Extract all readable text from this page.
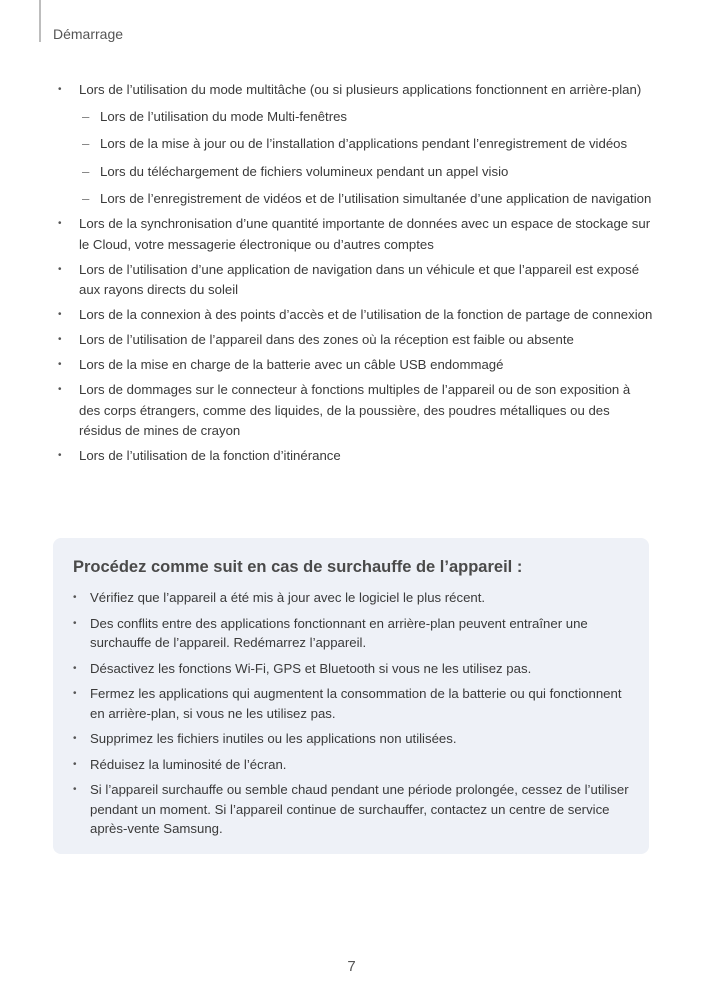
Démarrage
• Lors de l’utilisation du mode multitâche (ou si plusieurs applications fonctionnent en arrière-plan)
– Lors de l’utilisation du mode Multi-fenêtres
– Lors de la mise à jour ou de l’installation d’applications pendant l’enregistrement de vidéos
– Lors du téléchargement de fichiers volumineux pendant un appel visio
– Lors de l’enregistrement de vidéos et de l’utilisation simultanée d’une application de navigation
• Lors de la synchronisation d’une quantité importante de données avec un espace de stockage sur le Cloud, votre messagerie électronique ou d’autres comptes
• Lors de l’utilisation d’une application de navigation dans un véhicule et que l’appareil est exposé aux rayons directs du soleil
• Lors de la connexion à des points d’accès et de l’utilisation de la fonction de partage de connexion
• Lors de l’utilisation de l’appareil dans des zones où la réception est faible ou absente
• Lors de la mise en charge de la batterie avec un câble USB endommagé
• Lors de dommages sur le connecteur à fonctions multiples de l’appareil ou de son exposition à des corps étrangers, comme des liquides, de la poussière, des poudres métalliques ou des résidus de mines de crayon
• Lors de l’utilisation de la fonction d’itinérance
Procédez comme suit en cas de surchauffe de l’appareil :
• Vérifiez que l’appareil a été mis à jour avec le logiciel le plus récent.
• Des conflits entre des applications fonctionnant en arrière-plan peuvent entraîner une surchauffe de l’appareil. Redémarrez l’appareil.
• Désactivez les fonctions Wi-Fi, GPS et Bluetooth si vous ne les utilisez pas.
• Fermez les applications qui augmentent la consommation de la batterie ou qui fonctionnent en arrière-plan, si vous ne les utilisez pas.
• Supprimez les fichiers inutiles ou les applications non utilisées.
• Réduisez la luminosité de l’écran.
• Si l’appareil surchauffe ou semble chaud pendant une période prolongée, cessez de l’utiliser pendant un moment. Si l’appareil continue de surchauffer, contactez un centre de service après-vente Samsung.
7
